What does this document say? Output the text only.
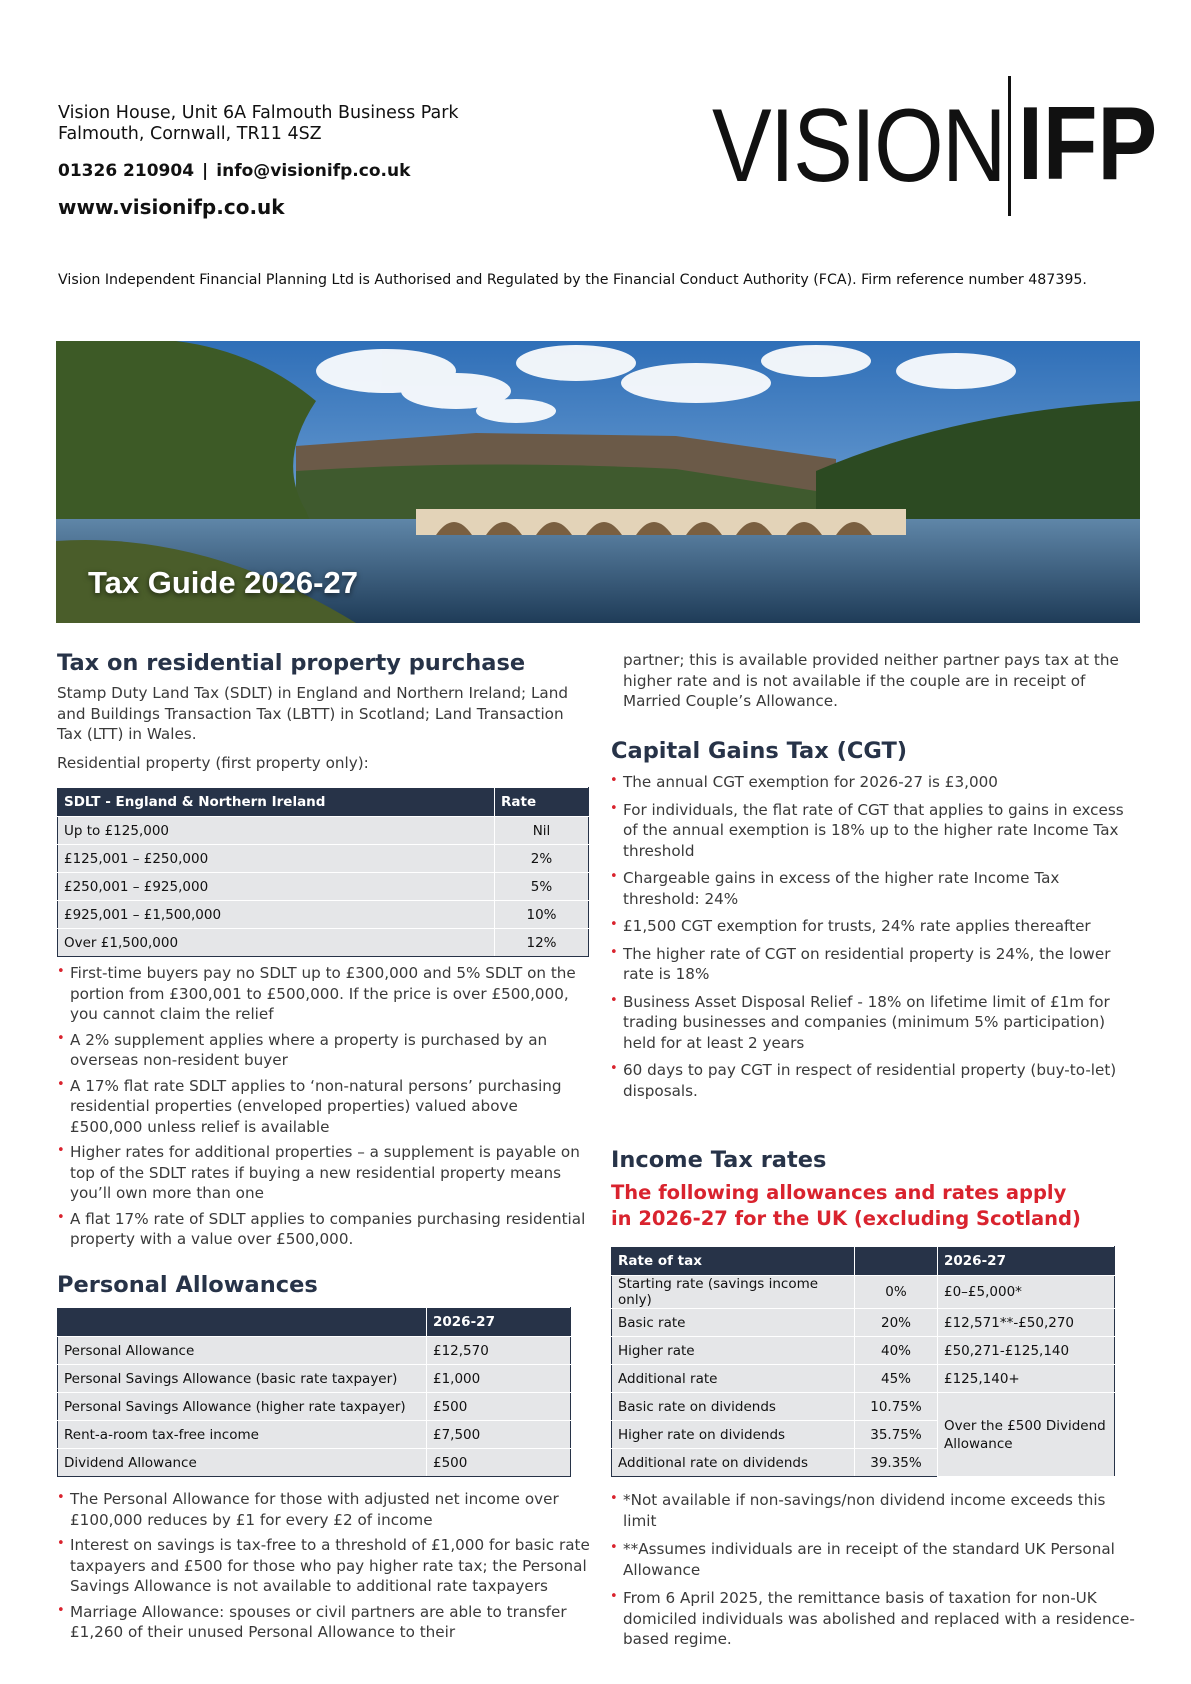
Vision House, Unit 6A Falmouth Business Park
Falmouth, Cornwall, TR11 4SZ
01326 210904 | info@visionifp.co.uk
www.visionifp.co.uk
VISION IFP
Vision Independent Financial Planning Ltd is Authorised and Regulated by the Financial Conduct Authority (FCA). Firm reference number 487395.
Tax Guide 2026-27
Tax on residential property purchase
Stamp Duty Land Tax (SDLT) in England and Northern Ireland; Land and Buildings Transaction Tax (LBTT) in Scotland; Land Transaction Tax (LTT) in Wales.
Residential property (first property only):
SDLT - England & Northern Ireland	Rate
Up to £125,000	Nil
£125,001 – £250,000	2%
£250,001 – £925,000	5%
£925,001 – £1,500,000	10%
Over £1,500,000	12%
• First-time buyers pay no SDLT up to £300,000 and 5% SDLT on the portion from £300,001 to £500,000. If the price is over £500,000, you cannot claim the relief
• A 2% supplement applies where a property is purchased by an overseas non-resident buyer
• A 17% flat rate SDLT applies to ‘non-natural persons’ purchasing residential properties (enveloped properties) valued above £500,000 unless relief is available
• Higher rates for additional properties – a supplement is payable on top of the SDLT rates if buying a new residential property means you’ll own more than one
• A flat 17% rate of SDLT applies to companies purchasing residential property with a value over £500,000.
Personal Allowances
	2026-27
Personal Allowance	£12,570
Personal Savings Allowance (basic rate taxpayer)	£1,000
Personal Savings Allowance (higher rate taxpayer)	£500
Rent-a-room tax-free income	£7,500
Dividend Allowance	£500
• The Personal Allowance for those with adjusted net income over £100,000 reduces by £1 for every £2 of income
• Interest on savings is tax-free to a threshold of £1,000 for basic rate taxpayers and £500 for those who pay higher rate tax; the Personal Savings Allowance is not available to additional rate taxpayers
• Marriage Allowance: spouses or civil partners are able to transfer £1,260 of their unused Personal Allowance to their
partner; this is available provided neither partner pays tax at the higher rate and is not available if the couple are in receipt of Married Couple’s Allowance.
Capital Gains Tax (CGT)
• The annual CGT exemption for 2026-27 is £3,000
• For individuals, the flat rate of CGT that applies to gains in excess of the annual exemption is 18% up to the higher rate Income Tax threshold
• Chargeable gains in excess of the higher rate Income Tax threshold: 24%
• £1,500 CGT exemption for trusts, 24% rate applies thereafter
• The higher rate of CGT on residential property is 24%, the lower rate is 18%
• Business Asset Disposal Relief - 18% on lifetime limit of £1m for trading businesses and companies (minimum 5% participation) held for at least 2 years
• 60 days to pay CGT in respect of residential property (buy-to-let) disposals.
Income Tax rates
The following allowances and rates apply in 2026-27 for the UK (excluding Scotland)
Rate of tax		2026-27
Starting rate (savings income only)	0%	£0–£5,000*
Basic rate	20%	£12,571**-£50,270
Higher rate	40%	£50,271-£125,140
Additional rate	45%	£125,140+
Basic rate on dividends	10.75%	Over the £500 Dividend Allowance
Higher rate on dividends	35.75%	
Additional rate on dividends	39.35%	
• *Not available if non-savings/non dividend income exceeds this limit
• **Assumes individuals are in receipt of the standard UK Personal Allowance
• From 6 April 2025, the remittance basis of taxation for non-UK domiciled individuals was abolished and replaced with a residence-based regime.
